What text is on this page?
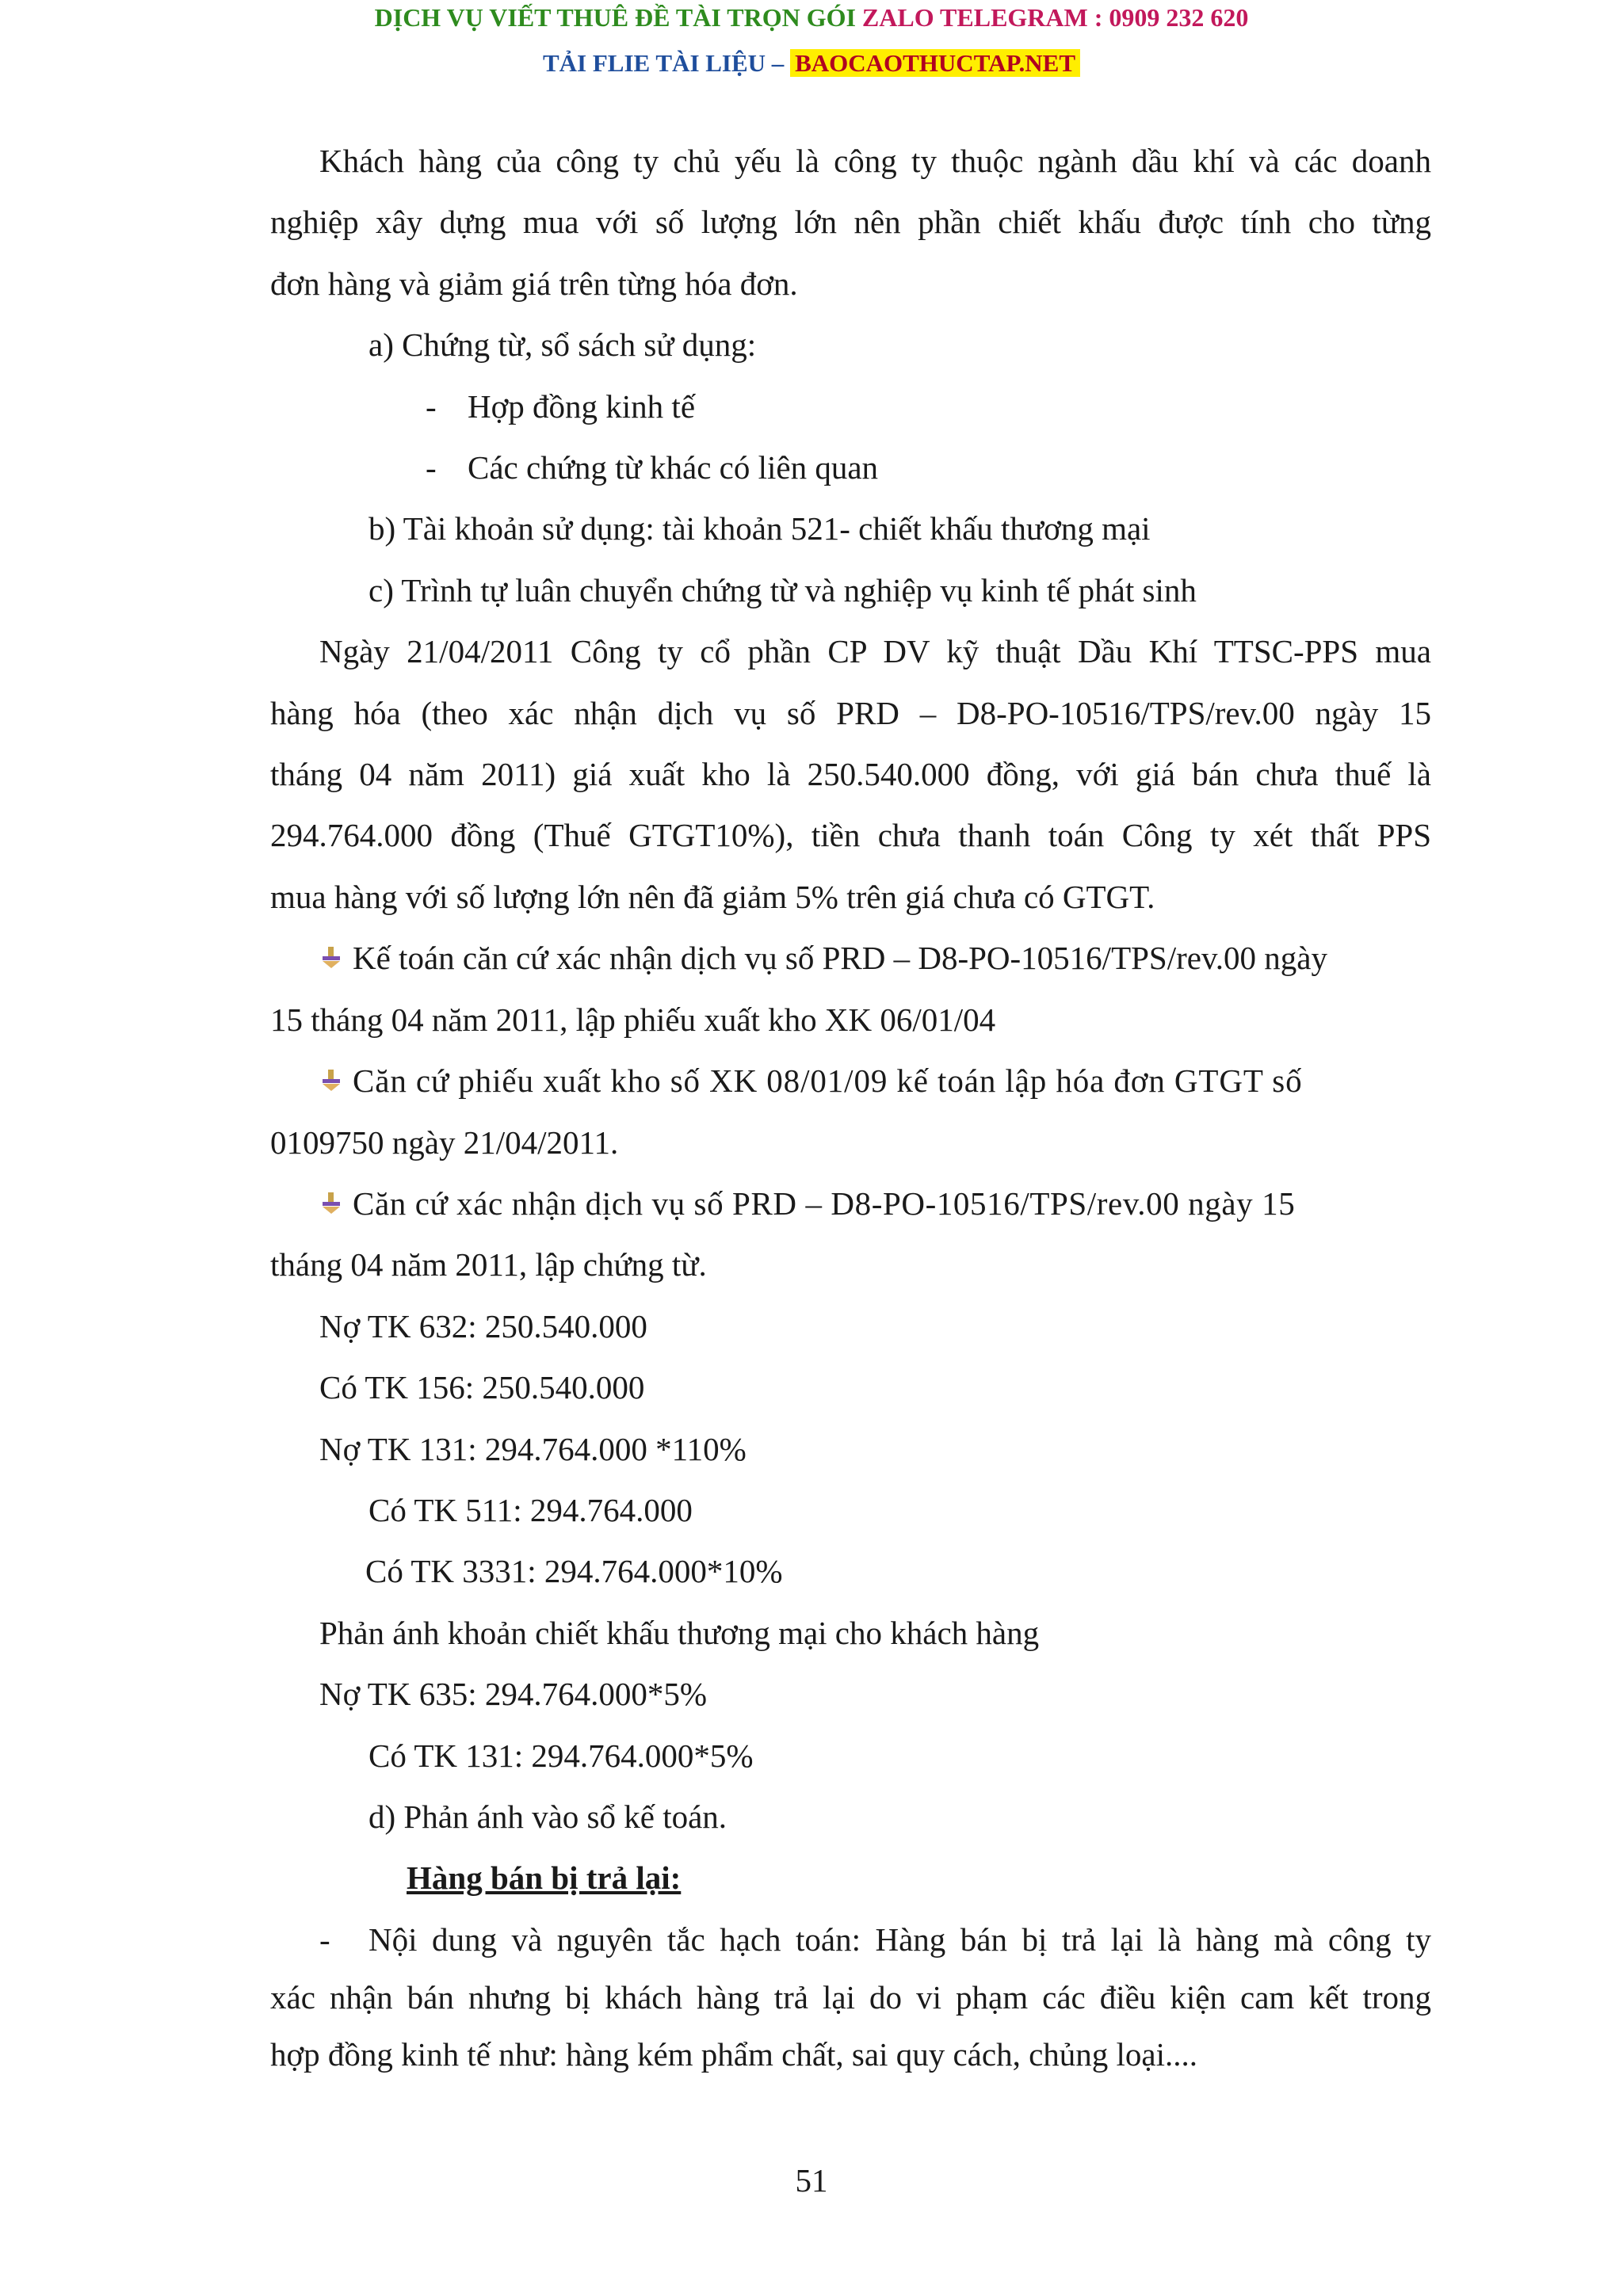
DỊCH VỤ VIẾT THUÊ ĐỀ TÀI TRỌN GÓI ZALO TELEGRAM : 0909 232 620
TẢI FLIE TÀI LIỆU – BAOCAOTHUCTAP.NET

Khách hàng của công ty chủ yếu là công ty thuộc ngành dầu khí và các doanh

nghiệp xây dựng mua với số lượng lớn nên phần chiết khấu được tính cho từng

đơn hàng và giảm giá trên từng hóa đơn.

a) Chứng từ, sổ sách sử dụng:

- Hợp đồng kinh tế

- Các chứng từ khác có liên quan

b) Tài khoản sử dụng: tài khoản 521- chiết khấu thương mại

c) Trình tự luân chuyển chứng từ và nghiệp vụ kinh tế phát sinh

Ngày 21/04/2011 Công ty cổ phần CP DV kỹ thuật Dầu Khí TTSC-PPS mua

hàng hóa (theo xác nhận dịch vụ số PRD – D8-PO-10516/TPS/rev.00 ngày 15

tháng 04 năm 2011) giá xuất kho là 250.540.000 đồng, với giá bán chưa thuế là

294.764.000 đồng (Thuế GTGT10%), tiền chưa thanh toán Công ty xét thất PPS

mua hàng với số lượng lớn nên đã giảm 5% trên giá chưa có GTGT.

Kế toán căn cứ xác nhận dịch vụ số PRD – D8-PO-10516/TPS/rev.00 ngày

15 tháng 04 năm 2011, lập phiếu xuất kho XK 06/01/04

Căn cứ phiếu xuất kho số XK 08/01/09 kế toán lập hóa đơn GTGT số

0109750 ngày 21/04/2011.

Căn cứ xác nhận dịch vụ số PRD – D8-PO-10516/TPS/rev.00 ngày 15

tháng 04 năm 2011, lập chứng từ.

Nợ TK 632: 250.540.000

Có TK 156: 250.540.000

Nợ TK 131: 294.764.000 *110%

Có TK 511: 294.764.000

Có TK 3331: 294.764.000*10%

Phản ánh khoản chiết khấu thương mại cho khách hàng

Nợ TK 635: 294.764.000*5%

Có TK 131: 294.764.000*5%

d) Phản ánh vào sổ kế toán.

Hàng bán bị trả lại:

- Nội dung và nguyên tắc hạch toán: Hàng bán bị trả lại là hàng mà công ty

xác nhận bán nhưng bị khách hàng trả lại do vi phạm các điều kiện cam kết trong

hợp đồng kinh tế như: hàng kém phẩm chất, sai quy cách, chủng loại....

51
